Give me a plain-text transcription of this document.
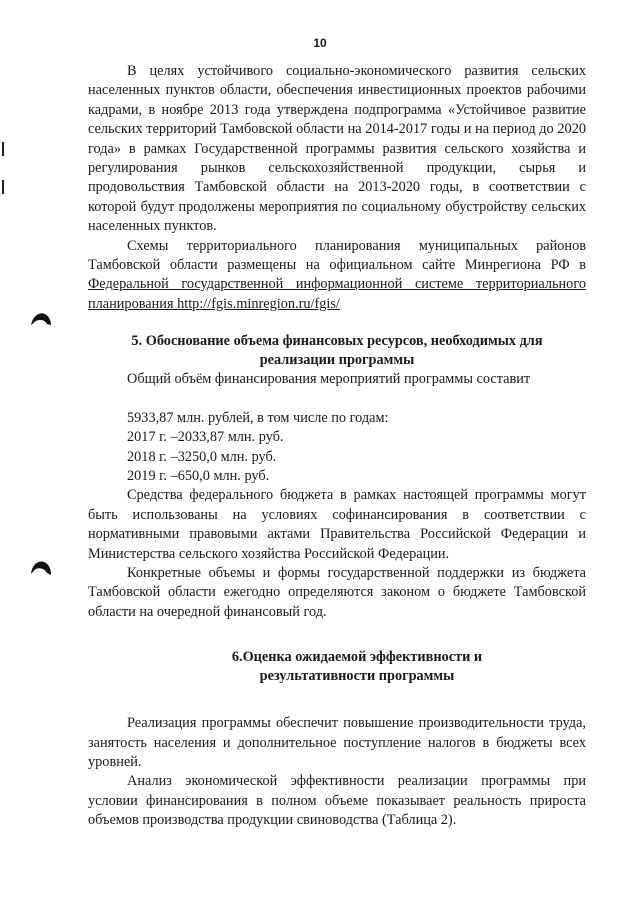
10

В целях устойчивого социально-экономического развития сельских населенных пунктов области, обеспечения инвестиционных проектов рабочими кадрами, в ноябре 2013 года утверждена подпрограмма «Устойчивое развитие сельских территорий Тамбовской области на 2014-2017 годы и на период до 2020 года» в рамках Государственной программы развития сельского хозяйства и регулирования рынков сельскохозяйственной продукции, сырья и продовольствия Тамбовской области на 2013-2020 годы, в соответствии с которой будут продолжены мероприятия по социальному обустройству сельских населенных пунктов.

Схемы территориального планирования муниципальных районов Тамбовской области размещены на официальном сайте Минрегиона РФ в Федеральной государственной информационной системе территориального планирования http://fgis.minregion.ru/fgis/

5. Обоснование объема финансовых ресурсов, необходимых для
реализации программы

Общий объём финансирования мероприятий программы составит

5933,87 млн. рублей, в том числе по годам:

2017 г. –2033,87 млн. руб.

2018 г. –3250,0 млн. руб.

2019 г. –650,0 млн. руб.

Средства федерального бюджета в рамках настоящей программы могут быть использованы на условиях софинансирования в соответствии с нормативными правовыми актами Правительства Российской Федерации и Министерства сельского хозяйства Российской Федерации.

Конкретные объемы и формы государственной поддержки из бюджета Тамбовской области ежегодно определяются законом о бюджете Тамбовской области на очередной финансовый год.

6.Оценка ожидаемой эффективности и
результативности программы

Реализация программы обеспечит повышение производительности труда, занятость населения и дополнительное поступление налогов в бюджеты всех уровней.

Анализ экономической эффективности реализации программы при условии финансирования в полном объеме показывает реальность прироста объемов производства продукции свиноводства (Таблица 2).
